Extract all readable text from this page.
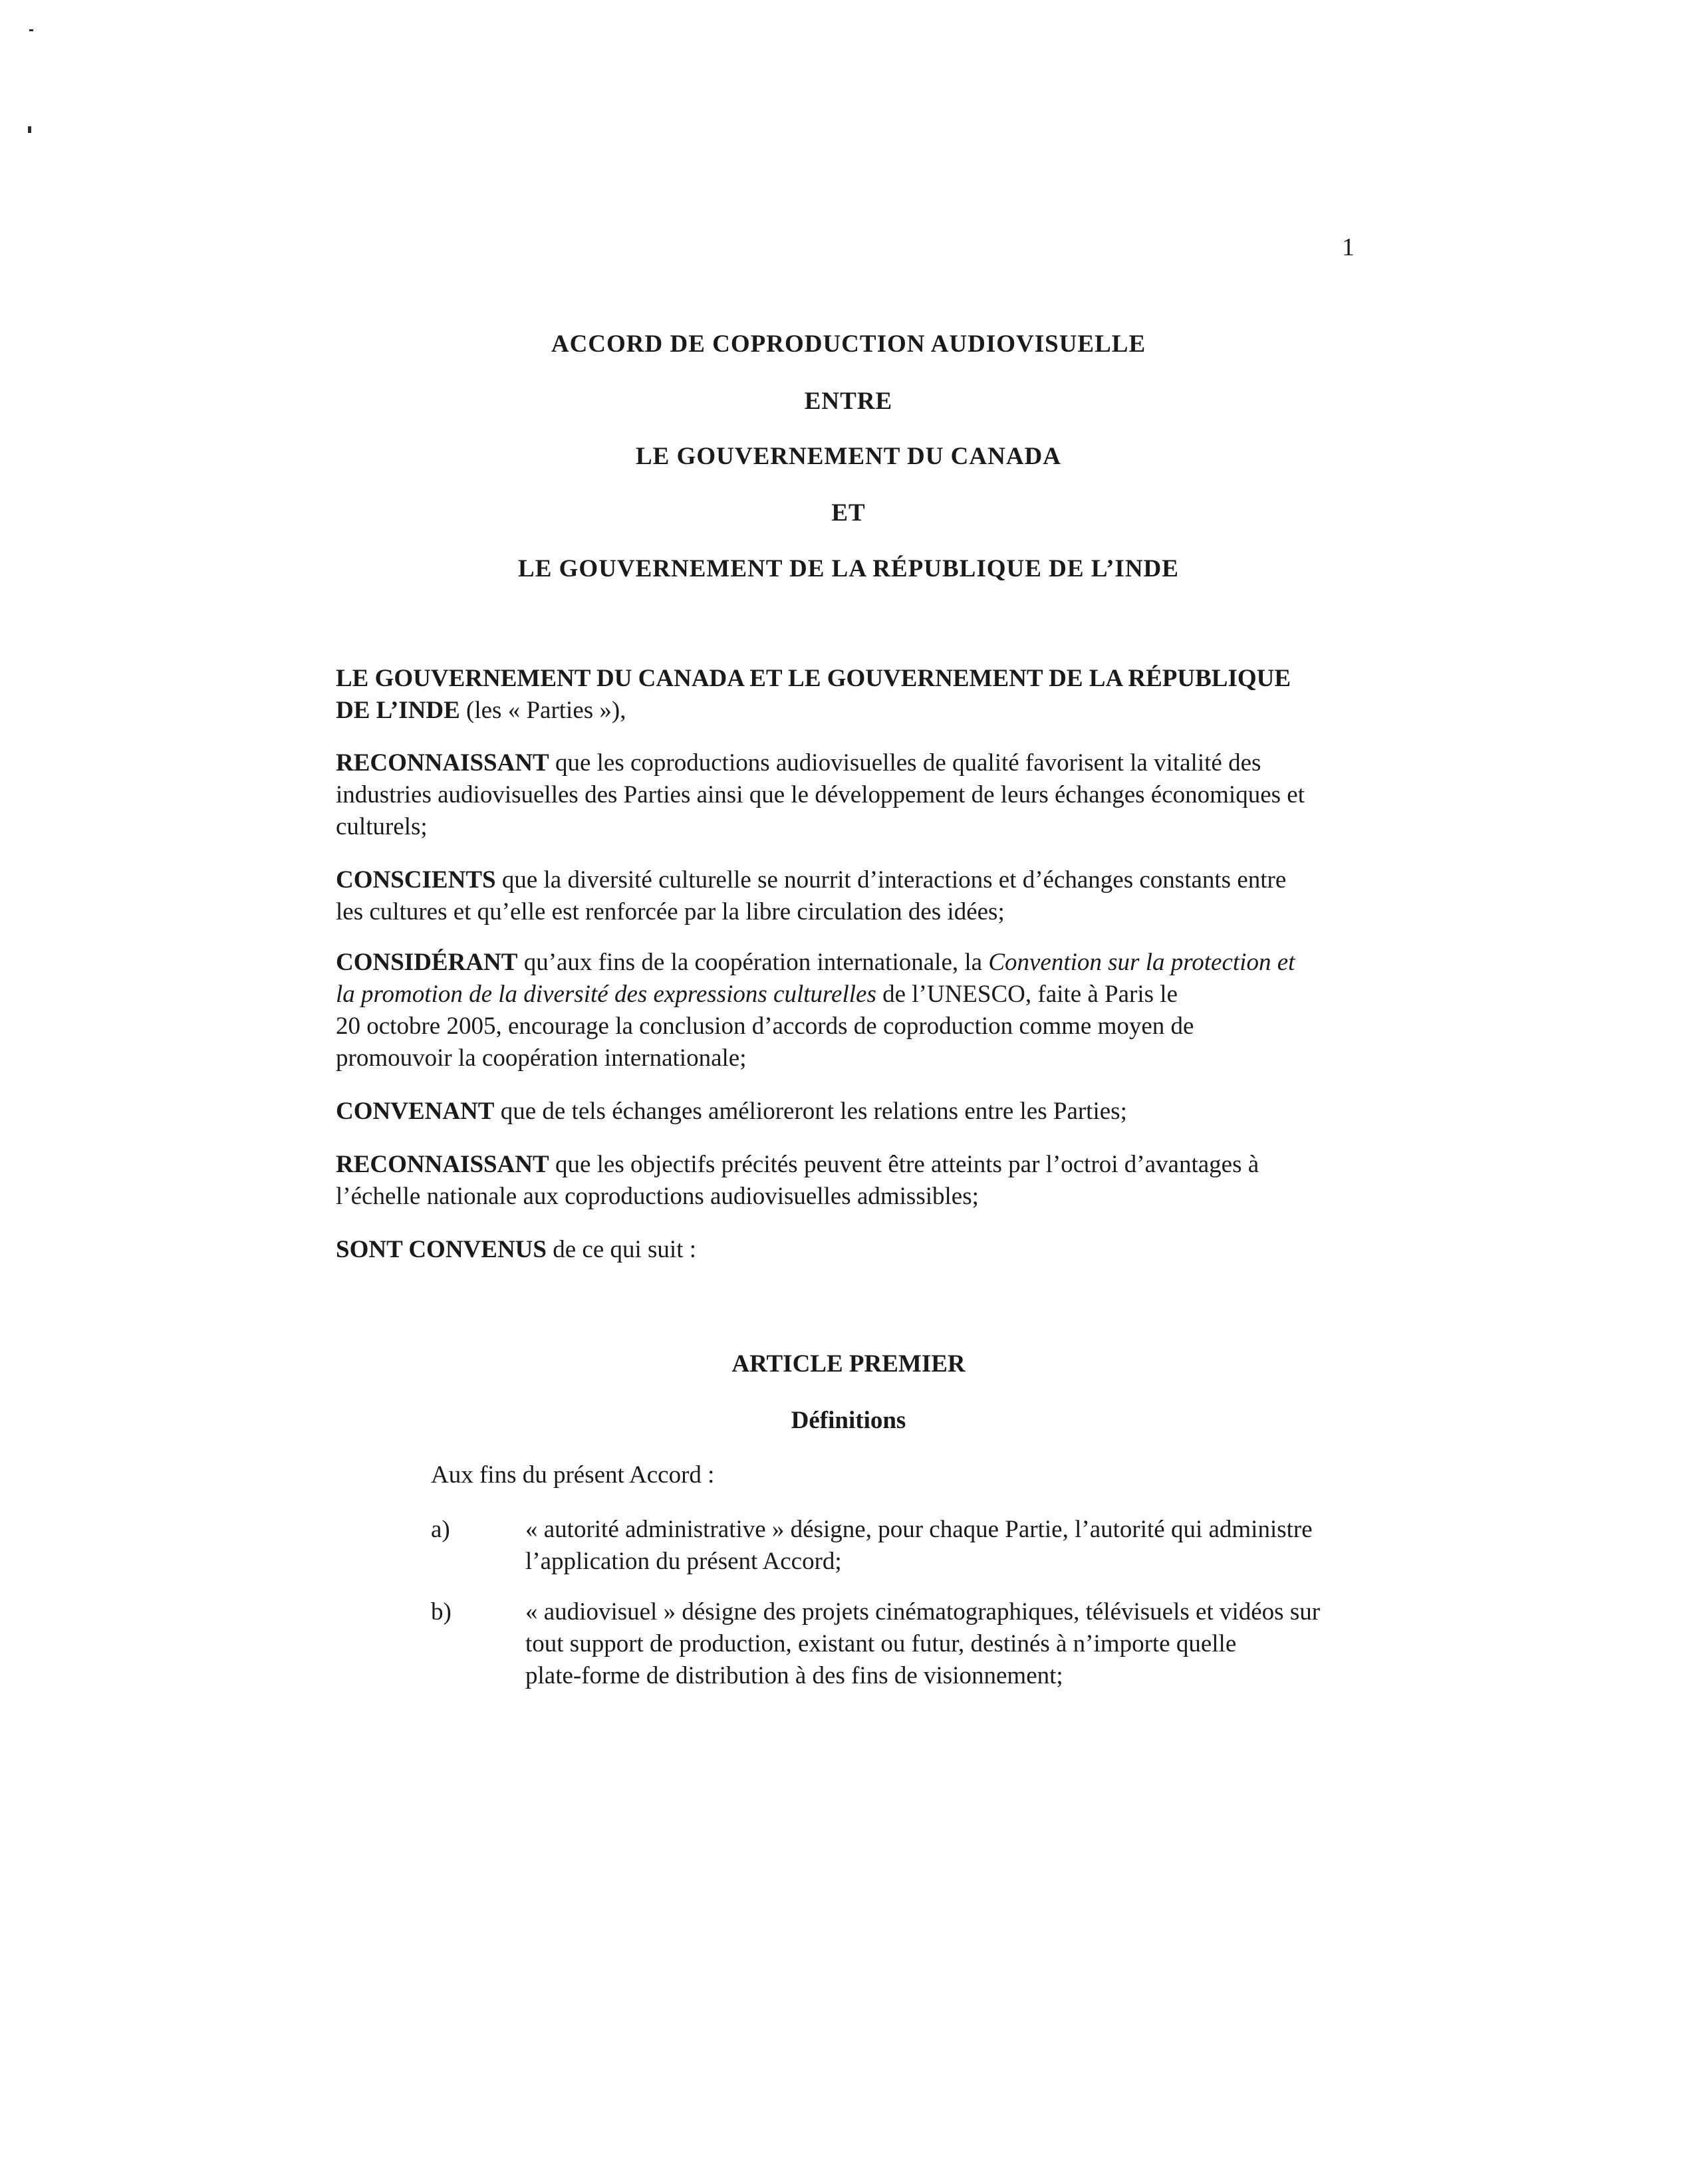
1
ACCORD DE COPRODUCTION AUDIOVISUELLE
ENTRE
LE GOUVERNEMENT DU CANADA
ET
LE GOUVERNEMENT DE LA RÉPUBLIQUE DE L’INDE
LE GOUVERNEMENT DU CANADA ET LE GOUVERNEMENT DE LA RÉPUBLIQUE
DE L’INDE (les « Parties »),
RECONNAISSANT que les coproductions audiovisuelles de qualité favorisent la vitalité des
industries audiovisuelles des Parties ainsi que le développement de leurs échanges économiques et
culturels;
CONSCIENTS que la diversité culturelle se nourrit d’interactions et d’échanges constants entre
les cultures et qu’elle est renforcée par la libre circulation des idées;
CONSIDÉRANT qu’aux fins de la coopération internationale, la Convention sur la protection et
la promotion de la diversité des expressions culturelles de l’UNESCO, faite à Paris le
20 octobre 2005, encourage la conclusion d’accords de coproduction comme moyen de
promouvoir la coopération internationale;
CONVENANT que de tels échanges amélioreront les relations entre les Parties;
RECONNAISSANT que les objectifs précités peuvent être atteints par l’octroi d’avantages à
l’échelle nationale aux coproductions audiovisuelles admissibles;
SONT CONVENUS de ce qui suit :
ARTICLE PREMIER
Définitions
Aux fins du présent Accord :
a)	« autorité administrative » désigne, pour chaque Partie, l’autorité qui administre
l’application du présent Accord;
b)	« audiovisuel » désigne des projets cinématographiques, télévisuels et vidéos sur
tout support de production, existant ou futur, destinés à n’importe quelle
plate-forme de distribution à des fins de visionnement;
